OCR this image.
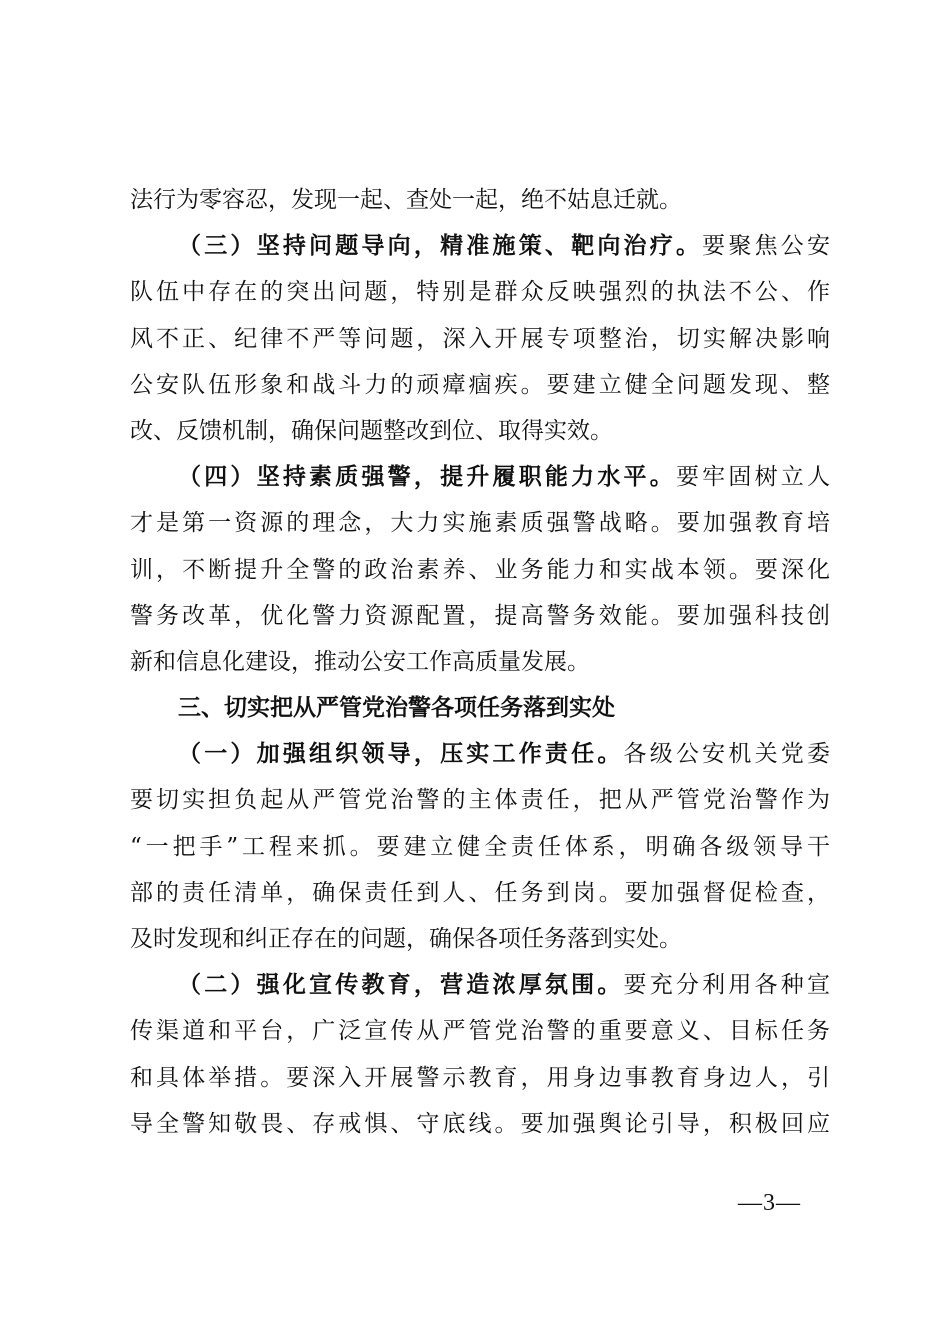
法行为零容忍，发现一起、查处一起，绝不姑息迁就。
（三）坚持问题导向，精准施策、靶向治疗。要聚焦公安
队伍中存在的突出问题，特别是群众反映强烈的执法不公、作
风不正、纪律不严等问题，深入开展专项整治，切实解决影响
公安队伍形象和战斗力的顽瘴痼疾。要建立健全问题发现、整
改、反馈机制，确保问题整改到位、取得实效。
（四）坚持素质强警，提升履职能力水平。要牢固树立人
才是第一资源的理念，大力实施素质强警战略。要加强教育培
训，不断提升全警的政治素养、业务能力和实战本领。要深化
警务改革，优化警力资源配置，提高警务效能。要加强科技创
新和信息化建设，推动公安工作高质量发展。
三、切实把从严管党治警各项任务落到实处
（一）加强组织领导，压实工作责任。各级公安机关党委
要切实担负起从严管党治警的主体责任，把从严管党治警作为
“一把手”工程来抓。要建立健全责任体系，明确各级领导干
部的责任清单，确保责任到人、任务到岗。要加强督促检查，
及时发现和纠正存在的问题，确保各项任务落到实处。
（二）强化宣传教育，营造浓厚氛围。要充分利用各种宣
传渠道和平台，广泛宣传从严管党治警的重要意义、目标任务
和具体举措。要深入开展警示教育，用身边事教育身边人，引
导全警知敬畏、存戒惧、守底线。要加强舆论引导，积极回应
—3—
